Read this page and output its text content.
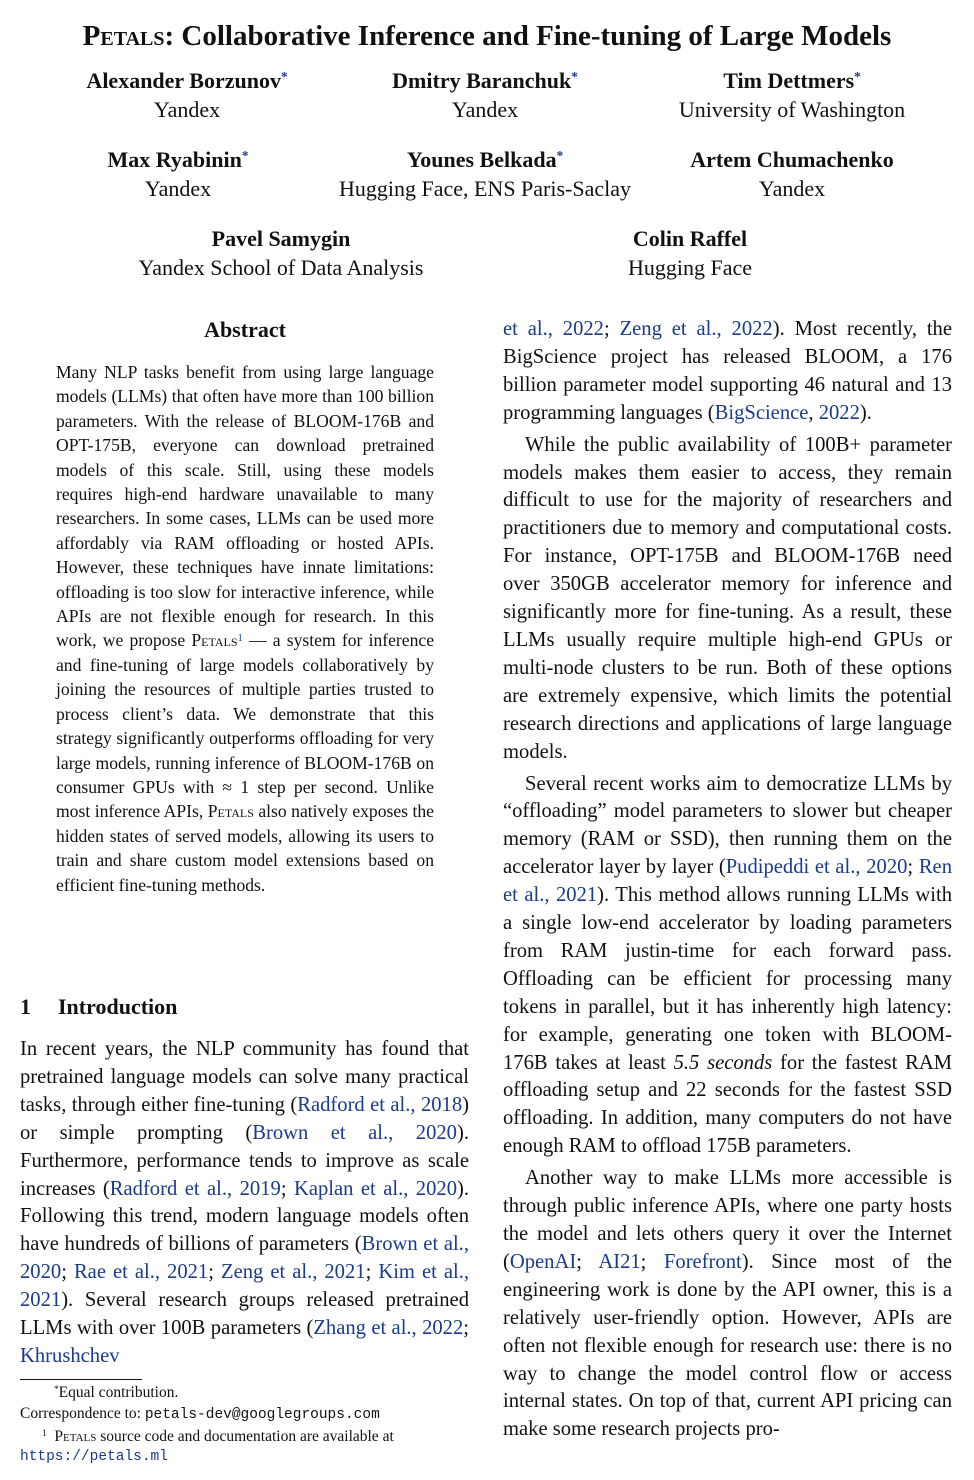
Petals: Collaborative Inference and Fine-tuning of Large Models
Alexander Borzunov*
Yandex
Dmitry Baranchuk*
Yandex
Tim Dettmers*
University of Washington
Max Ryabinin*
Yandex
Younes Belkada*
Hugging Face, ENS Paris-Saclay
Artem Chumachenko
Yandex
Pavel Samygin
Yandex School of Data Analysis
Colin Raffel
Hugging Face
Abstract
Many NLP tasks benefit from using large language models (LLMs) that often have more than 100 billion parameters. With the release of BLOOM-176B and OPT-175B, everyone can download pretrained models of this scale. Still, using these models requires high-end hardware unavailable to many researchers. In some cases, LLMs can be used more affordably via RAM offloading or hosted APIs. However, these techniques have innate limitations: offloading is too slow for interactive inference, while APIs are not flexible enough for research. In this work, we propose Petals$^1$ — a system for inference and fine-tuning of large models collaboratively by joining the resources of multiple parties trusted to process client’s data. We demonstrate that this strategy significantly outperforms offloading for very large models, running inference of BLOOM-176B on consumer GPUs with ≈ 1 step per second. Unlike most inference APIs, Petals also natively exposes the hidden states of served models, allowing its users to train and share custom model extensions based on efficient fine-tuning methods.
1 Introduction

In recent years, the NLP community has found that pretrained language models can solve many practical tasks, through either fine-tuning (Radford et al., 2018) or simple prompting (Brown et al., 2020). Furthermore, performance tends to improve as scale increases (Radford et al., 2019; Kaplan et al., 2020). Following this trend, modern language models often have hundreds of billions of parameters (Brown et al., 2020; Rae et al., 2021; Zeng et al., 2021; Kim et al., 2021). Several research groups released pretrained LLMs with over 100B parameters (Zhang et al., 2022; Khrushchev

*Equal contribution.
Correspondence to: petals-dev@googlegroups.com
$^1$ Petals source code and documentation are available at
https://petals.ml

et al., 2022; Zeng et al., 2022). Most recently, the BigScience project has released BLOOM, a 176 billion parameter model supporting 46 natural and 13 programming languages (BigScience, 2022).

While the public availability of 100B+ parameter models makes them easier to access, they remain difficult to use for the majority of researchers and practitioners due to memory and computational costs. For instance, OPT-175B and BLOOM-176B need over 350GB accelerator memory for inference and significantly more for fine-tuning. As a result, these LLMs usually require multiple high-end GPUs or multi-node clusters to be run. Both of these options are extremely expensive, which limits the potential research directions and applications of large language models.

Several recent works aim to democratize LLMs by “offloading” model parameters to slower but cheaper memory (RAM or SSD), then running them on the accelerator layer by layer (Pudipeddi et al., 2020; Ren et al., 2021). This method allows running LLMs with a single low-end accelerator by loading parameters from RAM justin-time for each forward pass. Offloading can be efficient for processing many tokens in parallel, but it has inherently high latency: for example, generating one token with BLOOM-176B takes at least 5.5 seconds for the fastest RAM offloading setup and 22 seconds for the fastest SSD offloading. In addition, many computers do not have enough RAM to offload 175B parameters.

Another way to make LLMs more accessible is through public inference APIs, where one party hosts the model and lets others query it over the Internet (OpenAI; AI21; Forefront). Since most of the engineering work is done by the API owner, this is a relatively user-friendly option. However, APIs are often not flexible enough for research use: there is no way to change the model control flow or access internal states. On top of that, current API pricing can make some research projects pro-
